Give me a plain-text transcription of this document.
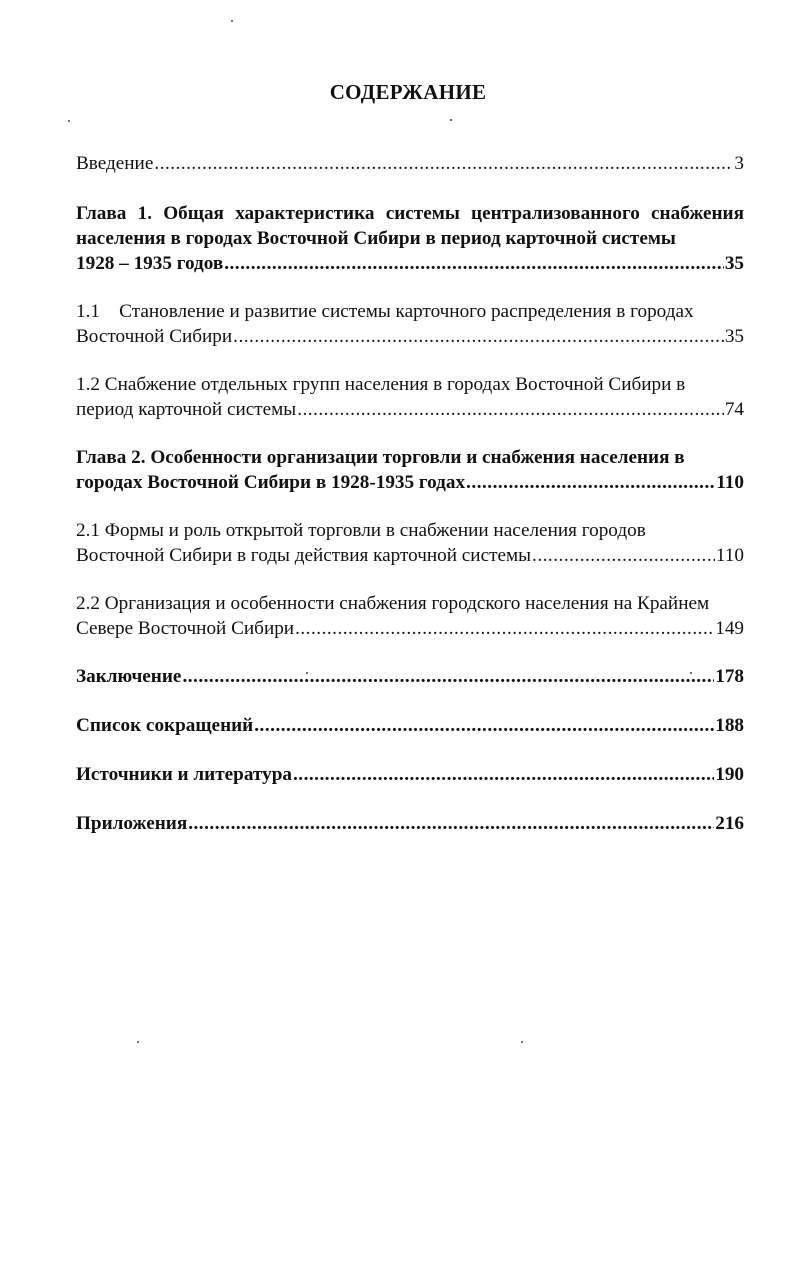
СОДЕРЖАНИЕ
Введение .....	3
Глава 1. Общая характеристика системы централизованного снабжения населения в городах Восточной Сибири в период карточной системы
1928 – 1935 годов .....	35
1.1    Становление и развитие системы карточного распределения в городах
Восточной Сибири .....	35
1.2 Снабжение отдельных групп населения в городах Восточной Сибири в
период карточной системы .....	74
Глава 2. Особенности организации торговли и снабжения населения в
городах Восточной Сибири в 1928-1935 годах .....	110
2.1 Формы и роль открытой торговли в снабжении населения городов
Восточной Сибири в годы действия карточной системы .....	110
2.2 Организация и особенности снабжения городского населения на Крайнем
Севере Восточной Сибири .....	149
Заключение .....	178
Список сокращений .....	188
Источники и литература .....	190
Приложения .....	216
